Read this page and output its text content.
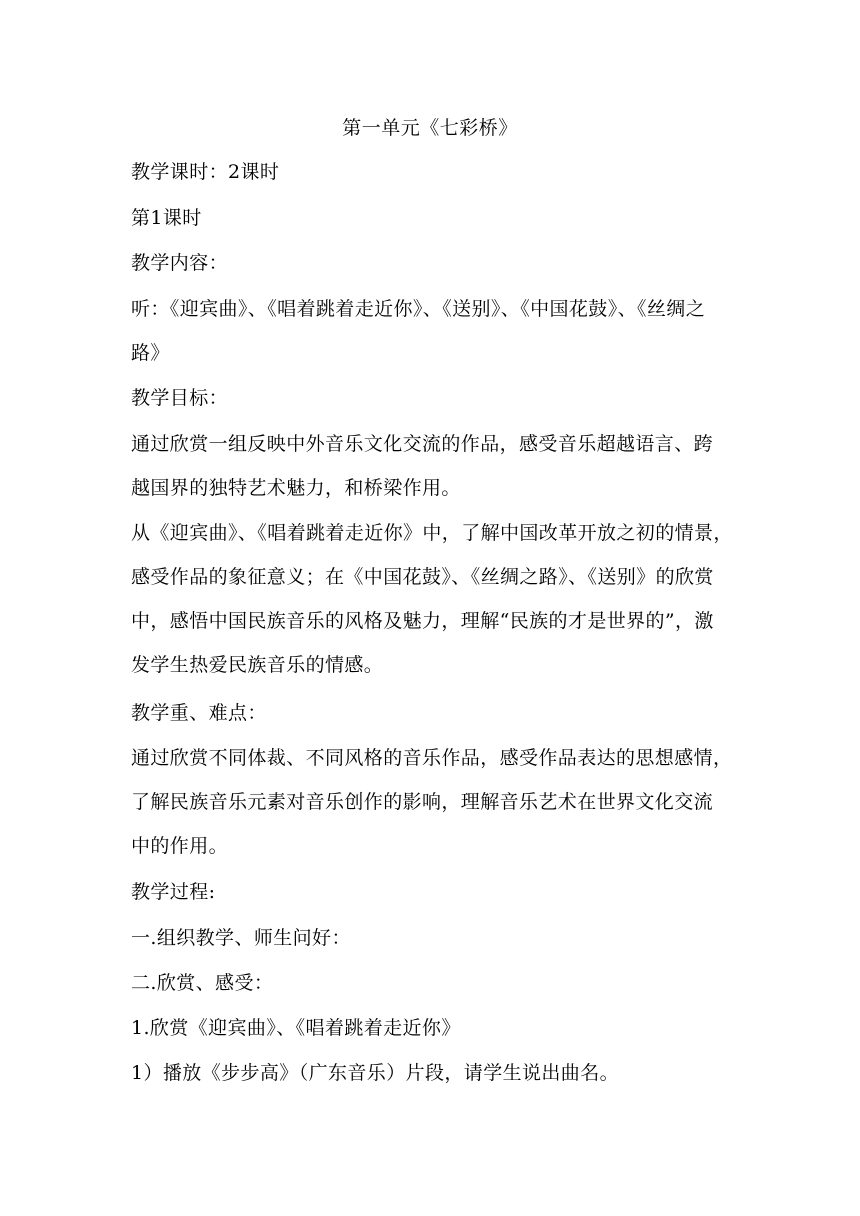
第一单元《七彩桥》
教学课时：2课时
第1课时
教学内容：
听：《迎宾曲》、《唱着跳着走近你》、《送别》、《中国花鼓》、《丝绸之
路》
教学目标：
通过欣赏一组反映中外音乐文化交流的作品，感受音乐超越语言、跨
越国界的独特艺术魅力，和桥梁作用。
从《迎宾曲》、《唱着跳着走近你》中，了解中国改革开放之初的情景，
感受作品的象征意义；在《中国花鼓》、《丝绸之路》、《送别》的欣赏
中，感悟中国民族音乐的风格及魅力，理解“民族的才是世界的”，激
发学生热爱民族音乐的情感。
教学重、难点：
通过欣赏不同体裁、不同风格的音乐作品，感受作品表达的思想感情，
了解民族音乐元素对音乐创作的影响，理解音乐艺术在世界文化交流
中的作用。
教学过程:
一.组织教学、师生问好：
二.欣赏、感受：
1.欣赏《迎宾曲》、《唱着跳着走近你》
1）播放《步步高》（广东音乐）片段，请学生说出曲名。
